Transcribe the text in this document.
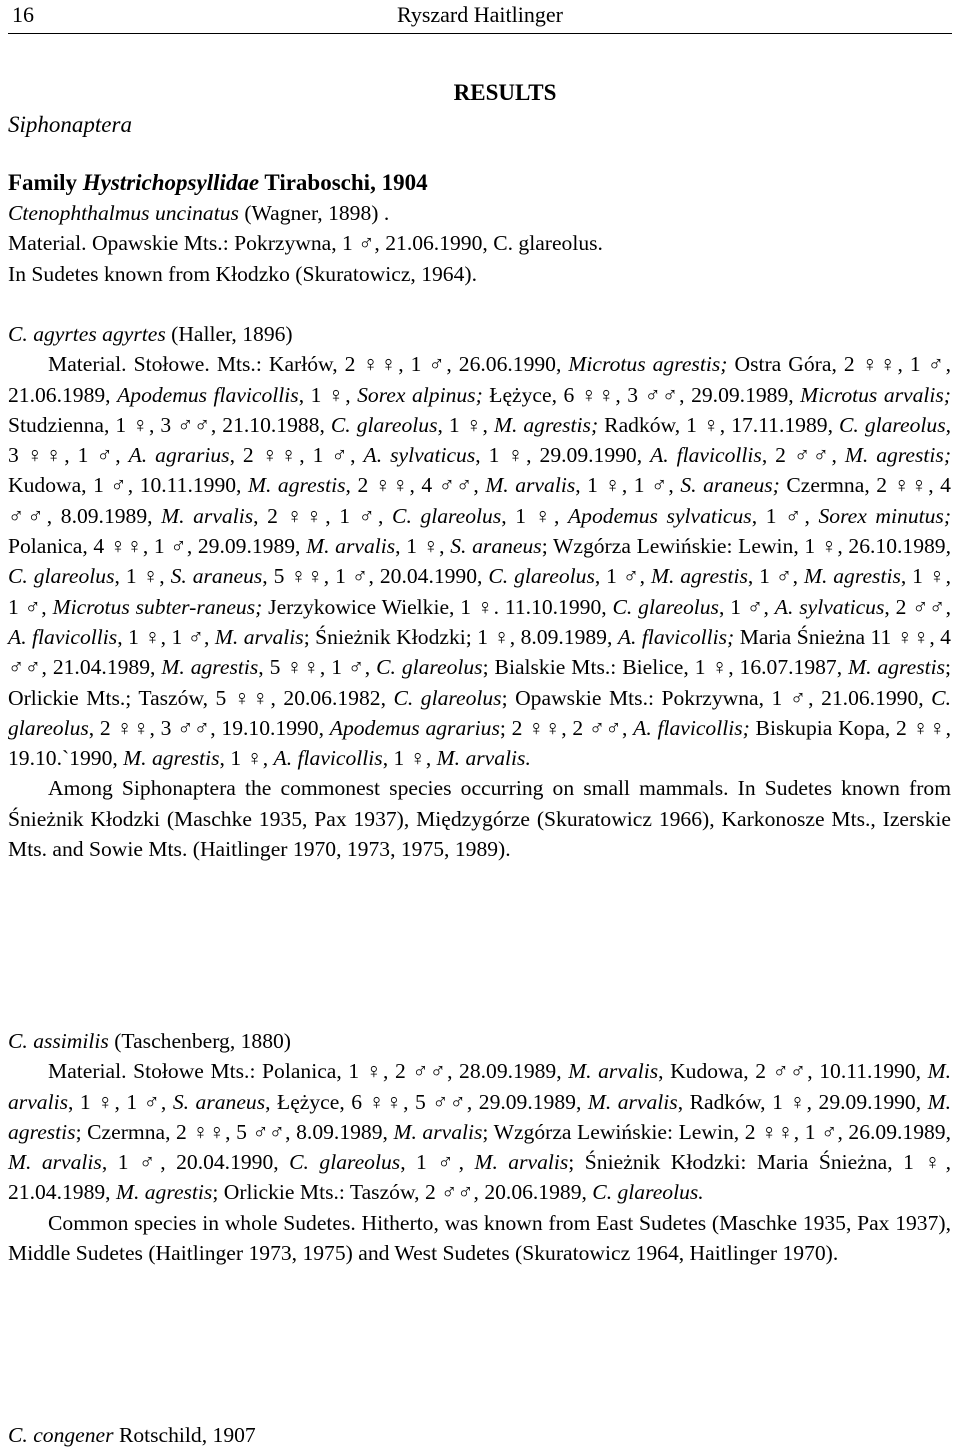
16	Ryszard Haitlinger
RESULTS
Siphonaptera
Family Hystrichopsyllidae Tiraboschi, 1904

Ctenophthalmus uncinatus (Wagner, 1898) .

Material. Opawskie Mts.: Pokrzywna, 1 ♂, 21.06.1990, C. glareolus.

In Sudetes known from Kłodzko (Skuratowicz, 1964).

C. agyrtes agyrtes (Haller, 1896)

Material. Stołowe. Mts.: Karłów, 2 ♀♀, 1 ♂, 26.06.1990, Microtus agrestis; Ostra Góra, 2 ♀♀, 1 ♂, 21.06.1989, Apodemus flavicollis, 1 ♀, Sorex alpinus; Łężyce, 6 ♀♀, 3 ♂♂, 29.09.1989, Microtus arvalis; Studzienna, 1 ♀, 3 ♂♂, 21.10.1988, C. glareolus, 1 ♀, M. agrestis; Radków, 1 ♀, 17.11.1989, C. glareolus, 3 ♀♀, 1 ♂, A. agrarius, 2 ♀♀, 1 ♂, A. sylvaticus, 1 ♀, 29.09.1990, A. flavicollis, 2 ♂♂, M. agrestis; Kudowa, 1 ♂, 10.11.1990, M. agrestis, 2 ♀♀, 4 ♂♂, M. arvalis, 1 ♀, 1 ♂, S. araneus; Czermna, 2 ♀♀, 4 ♂♂, 8.09.1989, M. arvalis, 2 ♀♀, 1 ♂, C. glareolus, 1 ♀, Apodemus sylvaticus, 1 ♂, Sorex minutus; Polanica, 4 ♀♀, 1 ♂, 29.09.1989, M. arvalis, 1 ♀, S. araneus; Wzgórza Lewińskie: Lewin, 1 ♀, 26.10.1989, C. glareolus, 1 ♀, S. araneus, 5 ♀♀, 1 ♂, 20.04.1990, C. glareolus, 1 ♂, M. agrestis, 1 ♂, M. agrestis, 1 ♀, 1 ♂, Microtus subter-raneus; Jerzykowice Wielkie, 1 ♀. 11.10.1990, C. glareolus, 1 ♂, A. sylvaticus, 2 ♂♂, A. flavicollis, 1 ♀, 1 ♂, M. arvalis; Śnieżnik Kłodzki; 1 ♀, 8.09.1989, A. flavicollis; Maria Śnieżna 11 ♀♀, 4 ♂♂, 21.04.1989, M. agrestis, 5 ♀♀, 1 ♂, C. glareolus; Bialskie Mts.: Bielice, 1 ♀, 16.07.1987, M. agrestis; Orlickie Mts.; Taszów, 5 ♀♀, 20.06.1982, C. glareolus; Opawskie Mts.: Pokrzywna, 1 ♂, 21.06.1990, C. glareolus, 2 ♀♀, 3 ♂♂, 19.10.1990, Apodemus agrarius; 2 ♀♀, 2 ♂♂, A. flavicollis; Biskupia Kopa, 2 ♀♀, 19.10.`1990, M. agrestis, 1 ♀, A. flavicollis, 1 ♀, M. arvalis.

Among Siphonaptera the commonest species occurring on small mammals. In Sudetes known from Śnieżnik Kłodzki (Maschke 1935, Pax 1937), Międzygórze (Skuratowicz 1966), Karkonosze Mts., Izerskie Mts. and Sowie Mts. (Haitlinger 1970, 1973, 1975, 1989).

C. assimilis (Taschenberg, 1880)

Material. Stołowe Mts.: Polanica, 1 ♀, 2 ♂♂, 28.09.1989, M. arvalis, Kudowa, 2 ♂♂, 10.11.1990, M. arvalis, 1 ♀, 1 ♂, S. araneus, Łężyce, 6 ♀♀, 5 ♂♂, 29.09.1989, M. arvalis, Radków, 1 ♀, 29.09.1990, M. agrestis; Czermna, 2 ♀♀, 5 ♂♂, 8.09.1989, M. arvalis; Wzgórza Lewińskie: Lewin, 2 ♀♀, 1 ♂, 26.09.1989, M. arvalis, 1 ♂, 20.04.1990, C. glareolus, 1 ♂, M. arvalis; Śnieżnik Kłodzki: Maria Śnieżna, 1 ♀, 21.04.1989, M. agrestis; Orlickie Mts.: Taszów, 2 ♂♂, 20.06.1989, C. glareolus.

Common species in whole Sudetes. Hitherto, was known from East Sudetes (Maschke 1935, Pax 1937), Middle Sudetes (Haitlinger 1973, 1975) and West Sudetes (Skuratowicz 1964, Haitlinger 1970).

C. congener Rotschild, 1907
